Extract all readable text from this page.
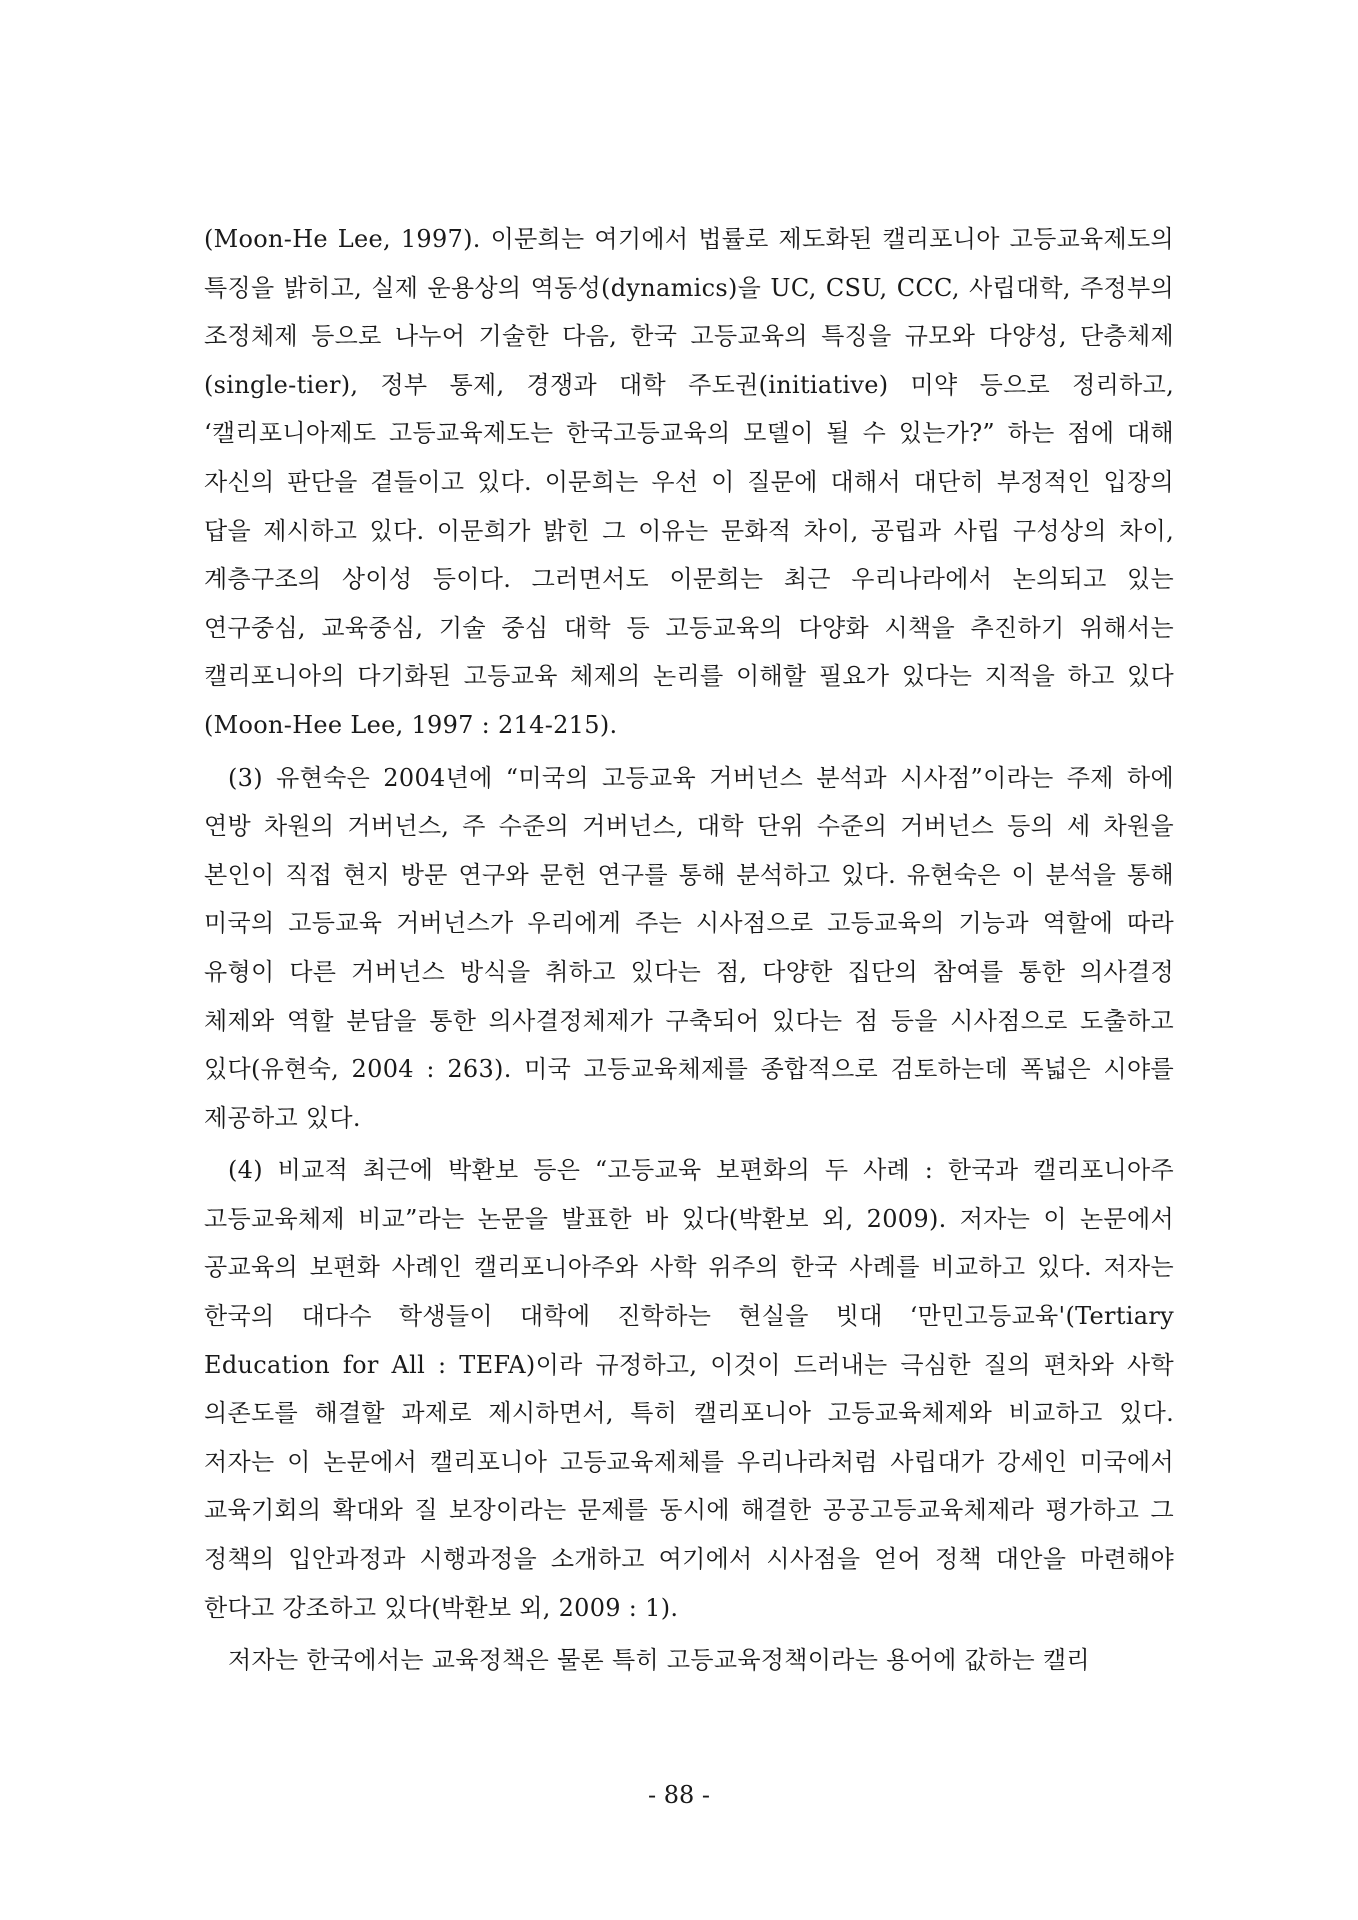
(Moon-He Lee, 1997). 이문희는 여기에서 법률로 제도화된 캘리포니아 고등교육제도의 특징을 밝히고, 실제 운용상의 역동성(dynamics)을 UC, CSU, CCC, 사립대학, 주정부의 조정체제 등으로 나누어 기술한 다음, 한국 고등교육의 특징을 규모와 다양성, 단층체제(single-tier), 정부 통제, 경쟁과 대학 주도권(initiative) 미약 등으로 정리하고, ‘캘리포니아제도 고등교육제도는 한국고등교육의 모델이 될 수 있는가?” 하는 점에 대해 자신의 판단을 곁들이고 있다. 이문희는 우선 이 질문에 대해서 대단히 부정적인 입장의 답을 제시하고 있다. 이문희가 밝힌 그 이유는 문화적 차이, 공립과 사립 구성상의 차이, 계층구조의 상이성 등이다. 그러면서도 이문희는 최근 우리나라에서 논의되고 있는 연구중심, 교육중심, 기술 중심 대학 등 고등교육의 다양화 시책을 추진하기 위해서는 캘리포니아의 다기화된 고등교육 체제의 논리를 이해할 필요가 있다는 지적을 하고 있다(Moon-Hee Lee, 1997 : 214-215).

(3) 유현숙은 2004년에 “미국의 고등교육 거버넌스 분석과 시사점”이라는 주제 하에 연방 차원의 거버넌스, 주 수준의 거버넌스, 대학 단위 수준의 거버넌스 등의 세 차원을 본인이 직접 현지 방문 연구와 문헌 연구를 통해 분석하고 있다. 유현숙은 이 분석을 통해 미국의 고등교육 거버넌스가 우리에게 주는 시사점으로 고등교육의 기능과 역할에 따라 유형이 다른 거버넌스 방식을 취하고 있다는 점, 다양한 집단의 참여를 통한 의사결정 체제와 역할 분담을 통한 의사결정체제가 구축되어 있다는 점 등을 시사점으로 도출하고 있다(유현숙, 2004 : 263). 미국 고등교육체제를 종합적으로 검토하는데 폭넓은 시야를 제공하고 있다.

(4) 비교적 최근에 박환보 등은 “고등교육 보편화의 두 사례 : 한국과 캘리포니아주 고등교육체제 비교”라는 논문을 발표한 바 있다(박환보 외, 2009). 저자는 이 논문에서 공교육의 보편화 사례인 캘리포니아주와 사학 위주의 한국 사례를 비교하고 있다. 저자는 한국의 대다수 학생들이 대학에 진학하는 현실을 빗대 ‘만민고등교육'(Tertiary Education for All : TEFA)이라 규정하고, 이것이 드러내는 극심한 질의 편차와 사학 의존도를 해결할 과제로 제시하면서, 특히 캘리포니아 고등교육체제와 비교하고 있다. 저자는 이 논문에서 캘리포니아 고등교육제체를 우리나라처럼 사립대가 강세인 미국에서 교육기회의 확대와 질 보장이라는 문제를 동시에 해결한 공공고등교육체제라 평가하고 그 정책의 입안과정과 시행과정을 소개하고 여기에서 시사점을 얻어 정책 대안을 마련해야 한다고 강조하고 있다(박환보 외, 2009 : 1).

저자는 한국에서는 교육정책은 물론 특히 고등교육정책이라는 용어에 값하는 캘리

- 88 -
